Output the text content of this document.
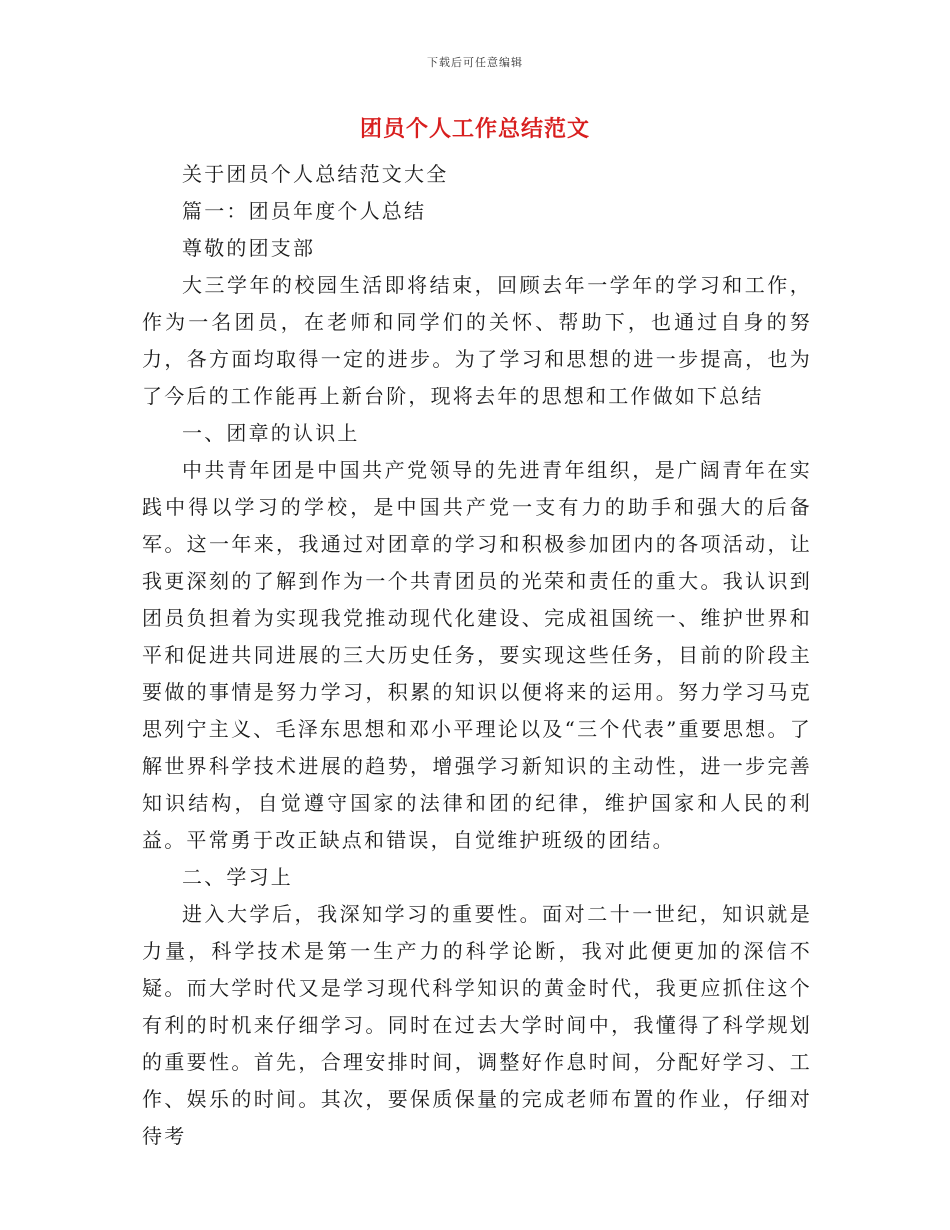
下载后可任意编辑
团员个人工作总结范文

关于团员个人总结范文大全

篇一：团员年度个人总结

尊敬的团支部

大三学年的校园生活即将结束，回顾去年一学年的学习和工作，作为一名团员，在老师和同学们的关怀、帮助下，也通过自身的努力，各方面均取得一定的进步。为了学习和思想的进一步提高，也为了今后的工作能再上新台阶，现将去年的思想和工作做如下总结

一、团章的认识上

中共青年团是中国共产党领导的先进青年组织，是广阔青年在实践中得以学习的学校，是中国共产党一支有力的助手和强大的后备军。这一年来，我通过对团章的学习和积极参加团内的各项活动，让我更深刻的了解到作为一个共青团员的光荣和责任的重大。我认识到团员负担着为实现我党推动现代化建设、完成祖国统一、维护世界和平和促进共同进展的三大历史任务，要实现这些任务，目前的阶段主要做的事情是努力学习，积累的知识以便将来的运用。努力学习马克思列宁主义、毛泽东思想和邓小平理论以及“三个代表”重要思想。了解世界科学技术进展的趋势，增强学习新知识的主动性，进一步完善知识结构，自觉遵守国家的法律和团的纪律，维护国家和人民的利益。平常勇于改正缺点和错误，自觉维护班级的团结。

二、学习上

进入大学后，我深知学习的重要性。面对二十一世纪，知识就是力量，科学技术是第一生产力的科学论断，我对此便更加的深信不疑。而大学时代又是学习现代科学知识的黄金时代，我更应抓住这个有利的时机来仔细学习。同时在过去大学时间中，我懂得了科学规划的重要性。首先，合理安排时间，调整好作息时间，分配好学习、工作、娱乐的时间。其次，要保质保量的完成老师布置的作业，仔细对待考
